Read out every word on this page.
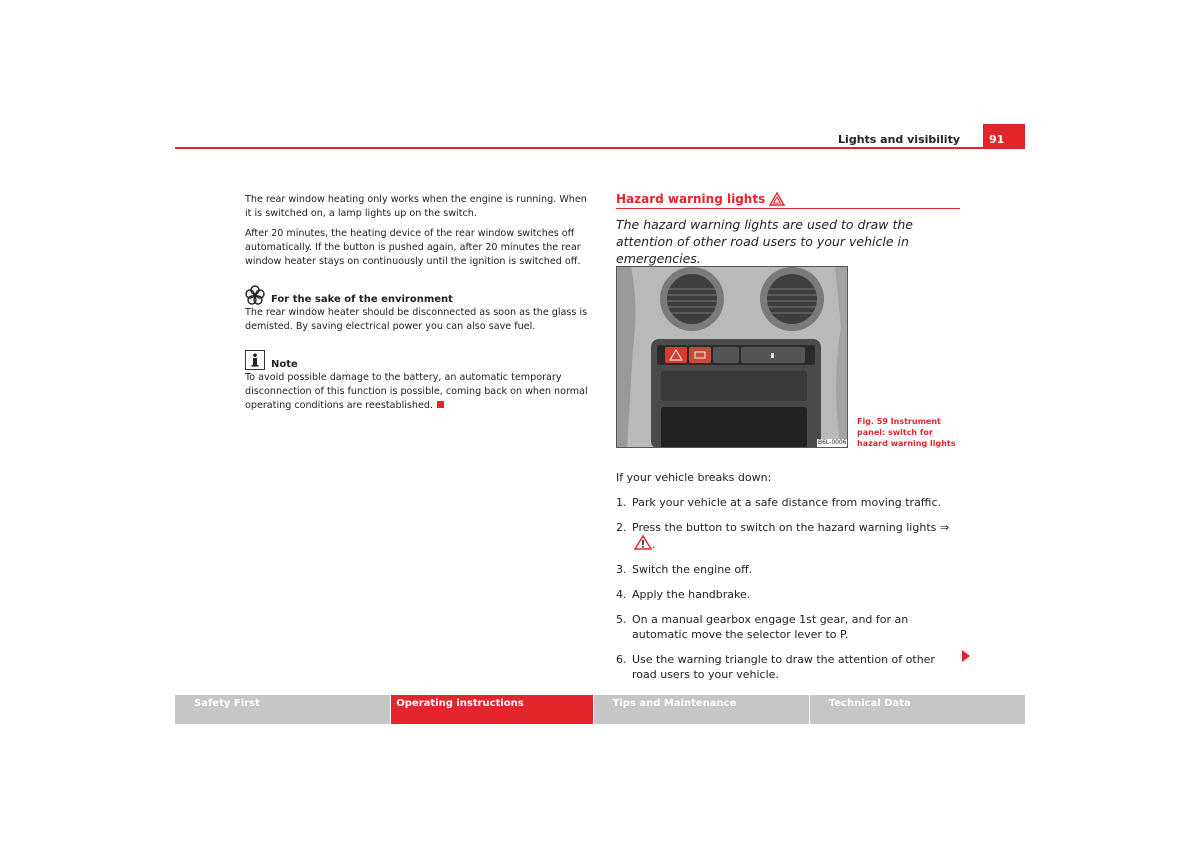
Lights and visibility	91

The rear window heating only works when the engine is running. When it is switched on, a lamp lights up on the switch.

After 20 minutes, the heating device of the rear window switches off automatically. If the button is pushed again, after 20 minutes the rear window heater stays on continuously until the ignition is switched off.

For the sake of the environment

The rear window heater should be disconnected as soon as the glass is demisted. By saving electrical power you can also save fuel.

Note

To avoid possible damage to the battery, an automatic temporary disconnection of this function is possible, coming back on when normal operating conditions are reestablished.

Hazard warning lights
The hazard warning lights are used to draw the attention of other road users to your vehicle in emergencies.
B6L-0006
Fig. 59 Instrument panel: switch for hazard warning lights

If your vehicle breaks down:

1. Park your vehicle at a safe distance from moving traffic.
2. Press the button to switch on the hazard warning lights ⇒ .
3. Switch the engine off.
4. Apply the handbrake.
5. On a manual gearbox engage 1st gear, and for an automatic move the selector lever to P.
6. Use the warning triangle to draw the attention of other road users to your vehicle.
Safety First	Operating instructions	Tips and Maintenance	Technical Data
